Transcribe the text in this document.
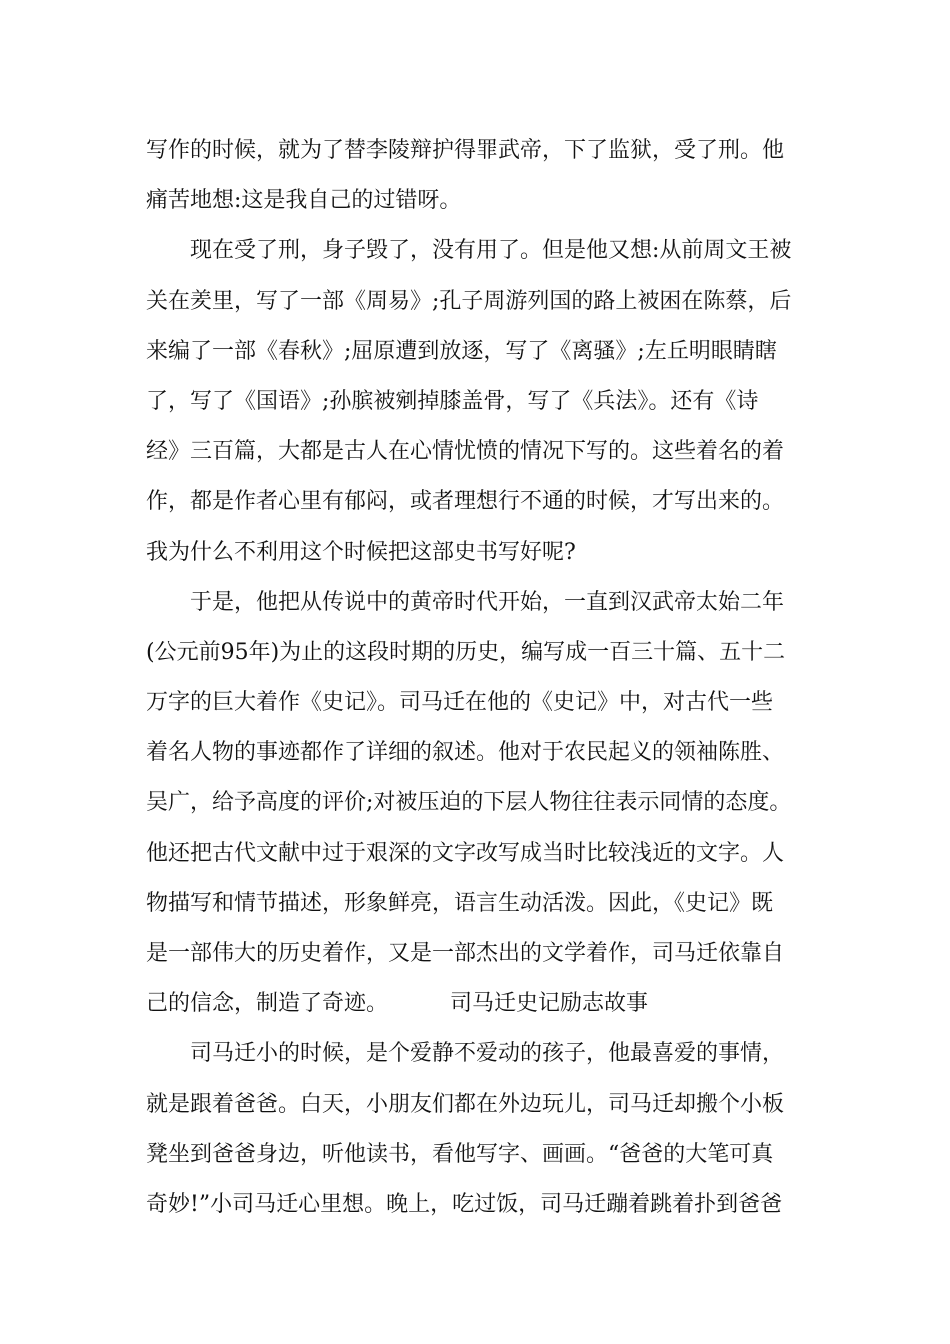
写作的时候，就为了替李陵辩护得罪武帝，下了监狱，受了刑。他
痛苦地想:这是我自己的过错呀。
现在受了刑，身子毁了，没有用了。但是他又想:从前周文王被
关在羑里，写了一部《周易》;孔子周游列国的路上被困在陈蔡，后
来编了一部《春秋》;屈原遭到放逐，写了《离骚》;左丘明眼睛瞎
了，写了《国语》;孙膑被剜掉膝盖骨，写了《兵法》。还有《诗
经》三百篇，大都是古人在心情忧愤的情况下写的。这些着名的着
作，都是作者心里有郁闷，或者理想行不通的时候，才写出来的。
我为什么不利用这个时候把这部史书写好呢?
于是，他把从传说中的黄帝时代开始，一直到汉武帝太始二年
(公元前95年)为止的这段时期的历史，编写成一百三十篇、五十二
万字的巨大着作《史记》。司马迁在他的《史记》中，对古代一些
着名人物的事迹都作了详细的叙述。他对于农民起义的领袖陈胜、
吴广，给予高度的评价;对被压迫的下层人物往往表示同情的态度。
他还把古代文献中过于艰深的文字改写成当时比较浅近的文字。人
物描写和情节描述，形象鲜亮，语言生动活泼。因此，《史记》既
是一部伟大的历史着作，又是一部杰出的文学着作，司马迁依靠自
己的信念，制造了奇迹。	司马迁史记励志故事
司马迁小的时候，是个爱静不爱动的孩子，他最喜爱的事情，
就是跟着爸爸。白天，小朋友们都在外边玩儿，司马迁却搬个小板
凳坐到爸爸身边，听他读书，看他写字、画画。“爸爸的大笔可真
奇妙!”小司马迁心里想。晚上，吃过饭，司马迁蹦着跳着扑到爸爸
